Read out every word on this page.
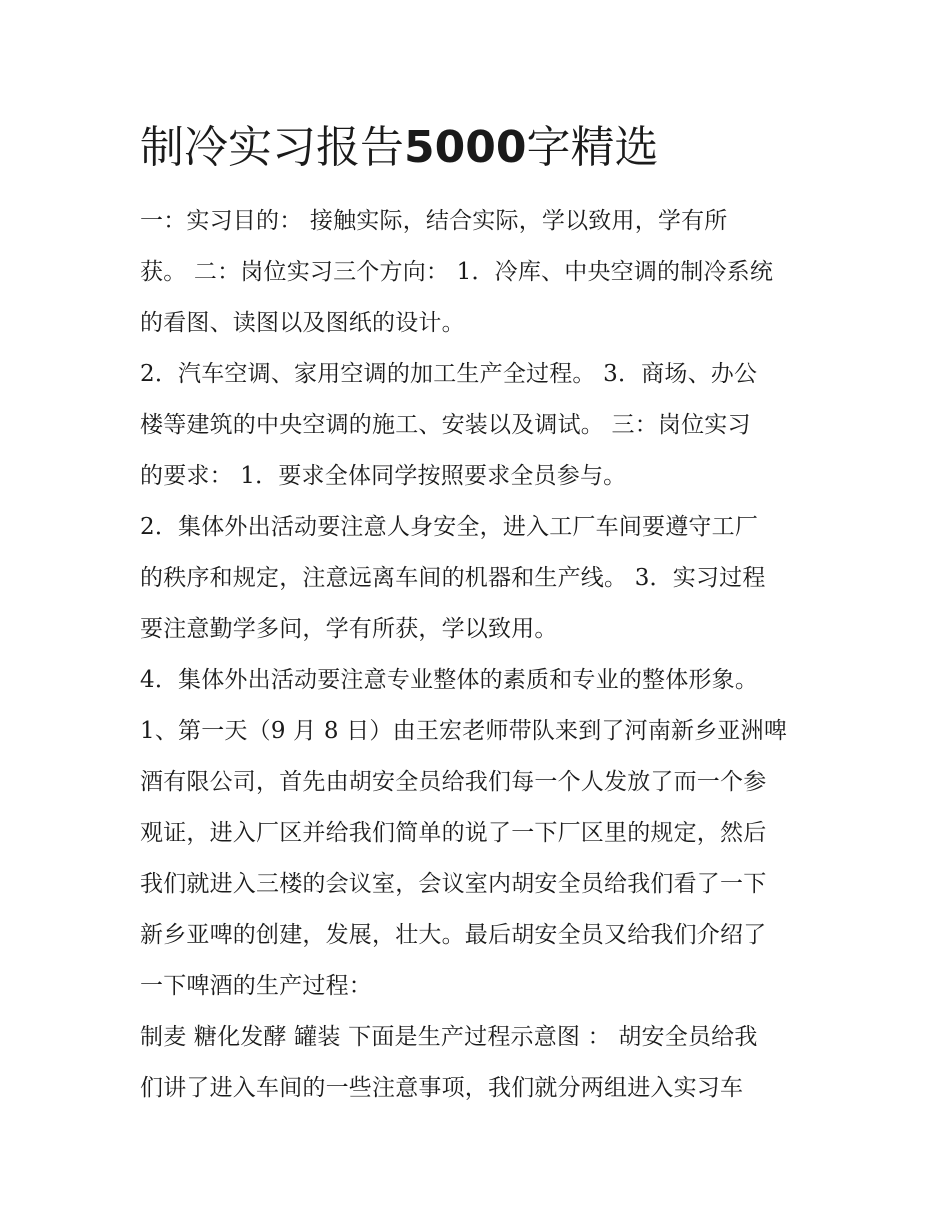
制冷实习报告5000字精选
一：实习目的： 接触实际，结合实际，学以致用，学有所
获。 二：岗位实习三个方向： 1．冷库、中央空调的制冷系统
的看图、读图以及图纸的设计。
2．汽车空调、家用空调的加工生产全过程。 3．商场、办公
楼等建筑的中央空调的施工、安装以及调试。 三：岗位实习
的要求： 1．要求全体同学按照要求全员参与。
2．集体外出活动要注意人身安全，进入工厂车间要遵守工厂
的秩序和规定，注意远离车间的机器和生产线。 3．实习过程
要注意勤学多问，学有所获，学以致用。
4．集体外出活动要注意专业整体的素质和专业的整体形象。
1、第一天（9 月 8 日）由王宏老师带队来到了河南新乡亚洲啤
酒有限公司，首先由胡安全员给我们每一个人发放了而一个参
观证，进入厂区并给我们简单的说了一下厂区里的规定，然后
我们就进入三楼的会议室，会议室内胡安全员给我们看了一下
新乡亚啤的创建，发展，壮大。最后胡安全员又给我们介绍了
一下啤酒的生产过程：
制麦 糖化发酵 罐装 下面是生产过程示意图 ： 胡安全员给我
们讲了进入车间的一些注意事项，我们就分两组进入实习车
